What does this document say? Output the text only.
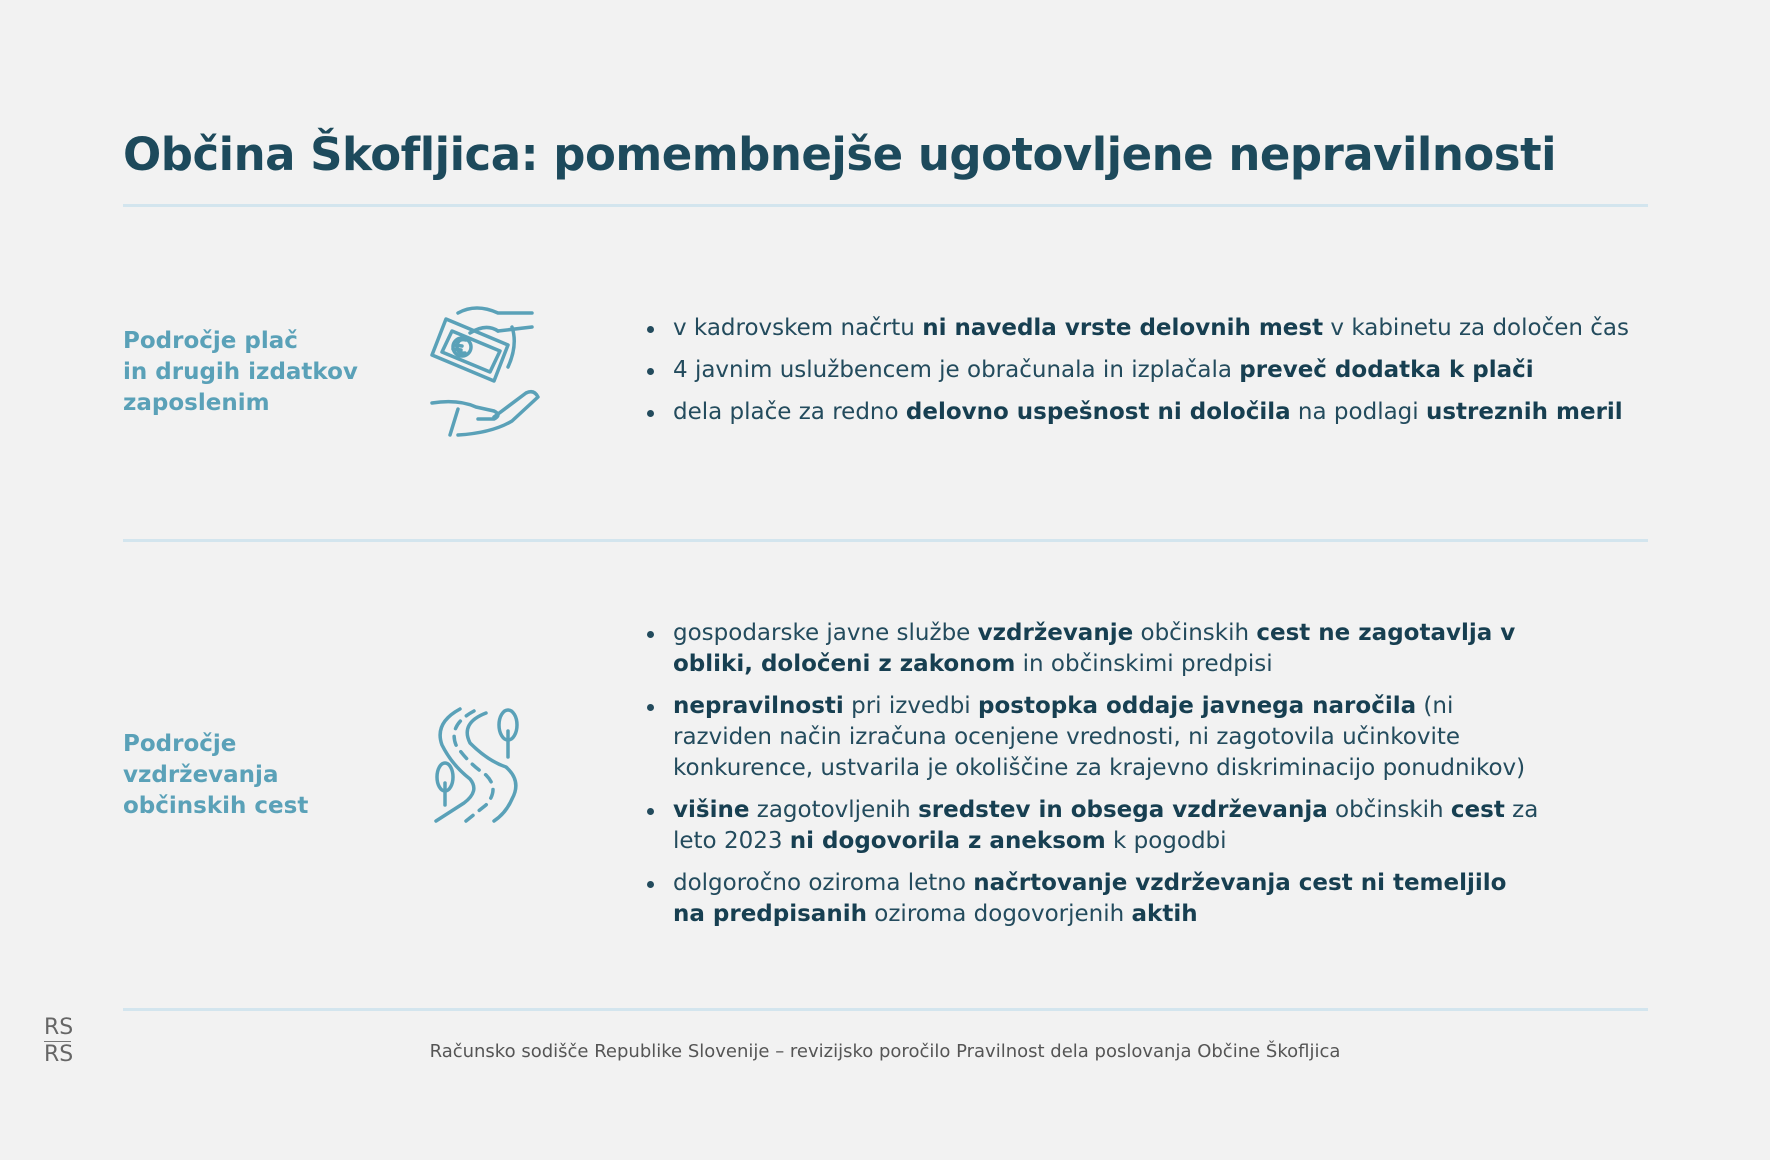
Občina Škofljica: pomembnejše ugotovljene nepravilnosti
Področje plač
in drugih izdatkov
zaposlenim
v kadrovskem načrtu ni navedla vrste delovnih mest v kabinetu za določen čas
4 javnim uslužbencem je obračunala in izplačala preveč dodatka k plači
dela plače za redno delovno uspešnost ni določila na podlagi ustreznih meril
Področje
vzdrževanja
občinskih cest
gospodarske javne službe vzdrževanje občinskih cest ne zagotavlja v obliki, določeni z zakonom in občinskimi predpisi
nepravilnosti pri izvedbi postopka oddaje javnega naročila (ni razviden način izračuna ocenjene vrednosti, ni zagotovila učinkovite konkurence, ustvarila je okoliščine za krajevno diskriminacijo ponudnikov)
višine zagotovljenih sredstev in obsega vzdrževanja občinskih cest za leto 2023 ni dogovorila z aneksom k pogodbi
dolgoročno oziroma letno načrtovanje vzdrževanja cest ni temeljilo na predpisanih oziroma dogovorjenih aktih
RS
RS	Računsko sodišče Republike Slovenije – revizijsko poročilo Pravilnost dela poslovanja Občine Škofljica
